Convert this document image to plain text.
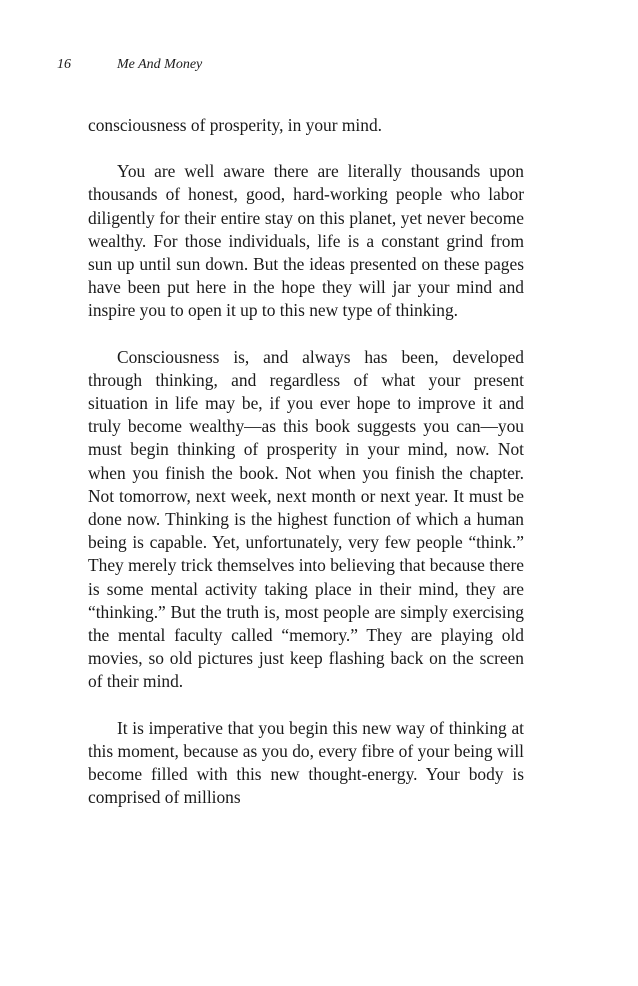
16	Me And Money

consciousness of prosperity, in your mind.

You are well aware there are literally thousands upon thousands of honest, good, hard-working people who labor diligently for their entire stay on this planet, yet never become wealthy. For those individuals, life is a constant grind from sun up until sun down. But the ideas presented on these pages have been put here in the hope they will jar your mind and inspire you to open it up to this new type of thinking.

Consciousness is, and always has been, developed through thinking, and regardless of what your present situation in life may be, if you ever hope to improve it and truly become wealthy—as this book suggests you can—you must begin thinking of prosperity in your mind, now. Not when you finish the book. Not when you finish the chapter. Not tomorrow, next week, next month or next year. It must be done now. Thinking is the highest function of which a human being is capable. Yet, unfortunately, very few people “think.” They merely trick themselves into believing that because there is some mental activity taking place in their mind, they are “thinking.” But the truth is, most people are simply exercising the mental faculty called “memory.” They are playing old movies, so old pictures just keep flashing back on the screen of their mind.

It is imperative that you begin this new way of thinking at this moment, because as you do, every fibre of your being will become filled with this new thought-energy. Your body is comprised of millions
